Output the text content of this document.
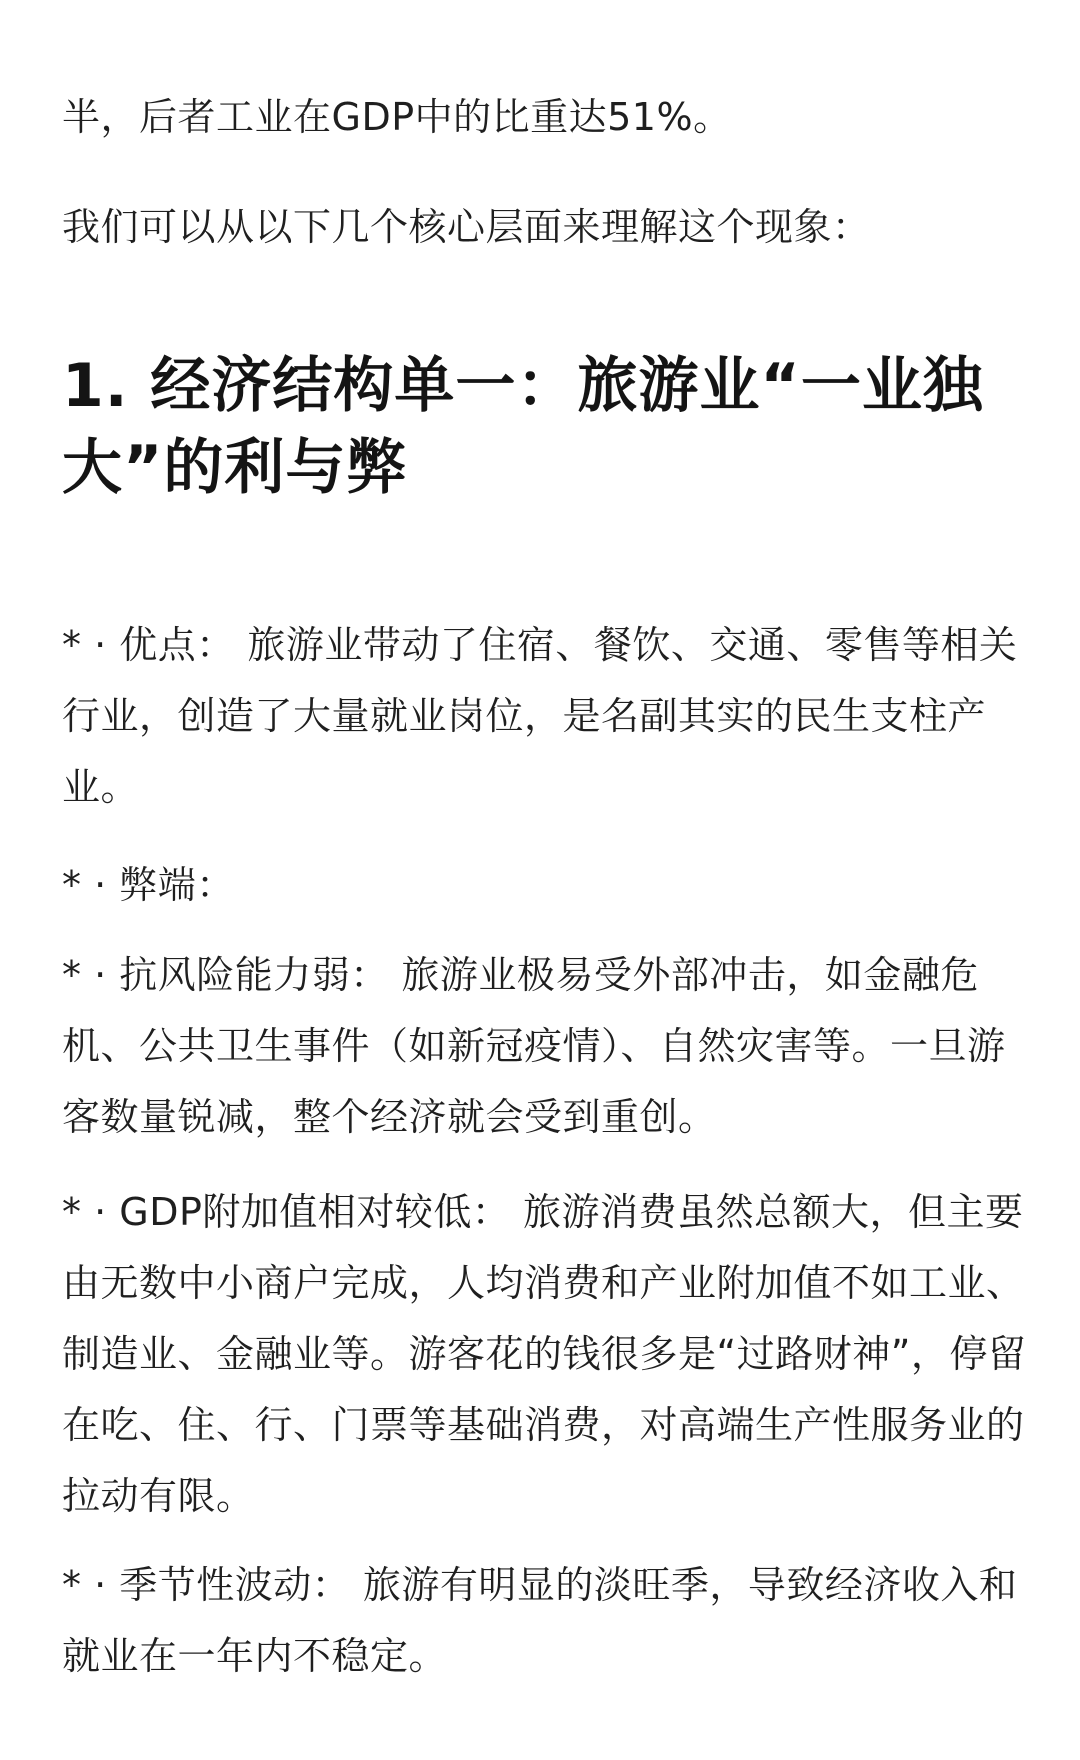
半，后者工业在GDP中的比重达51%。

我们可以从以下几个核心层面来理解这个现象：

1. 经济结构单一：旅游业“一业独大”的利与弊

* · 优点： 旅游业带动了住宿、餐饮、交通、零售等相关行业，创造了大量就业岗位，是名副其实的民生支柱产业。

* · 弊端：

* · 抗风险能力弱： 旅游业极易受外部冲击，如金融危机、公共卫生事件（如新冠疫情）、自然灾害等。一旦游客数量锐减，整个经济就会受到重创。

* · GDP附加值相对较低： 旅游消费虽然总额大，但主要由无数中小商户完成，人均消费和产业附加值不如工业、制造业、金融业等。游客花的钱很多是“过路财神”，停留在吃、住、行、门票等基础消费，对高端生产性服务业的拉动有限。

* · 季节性波动： 旅游有明显的淡旺季，导致经济收入和就业在一年内不稳定。
